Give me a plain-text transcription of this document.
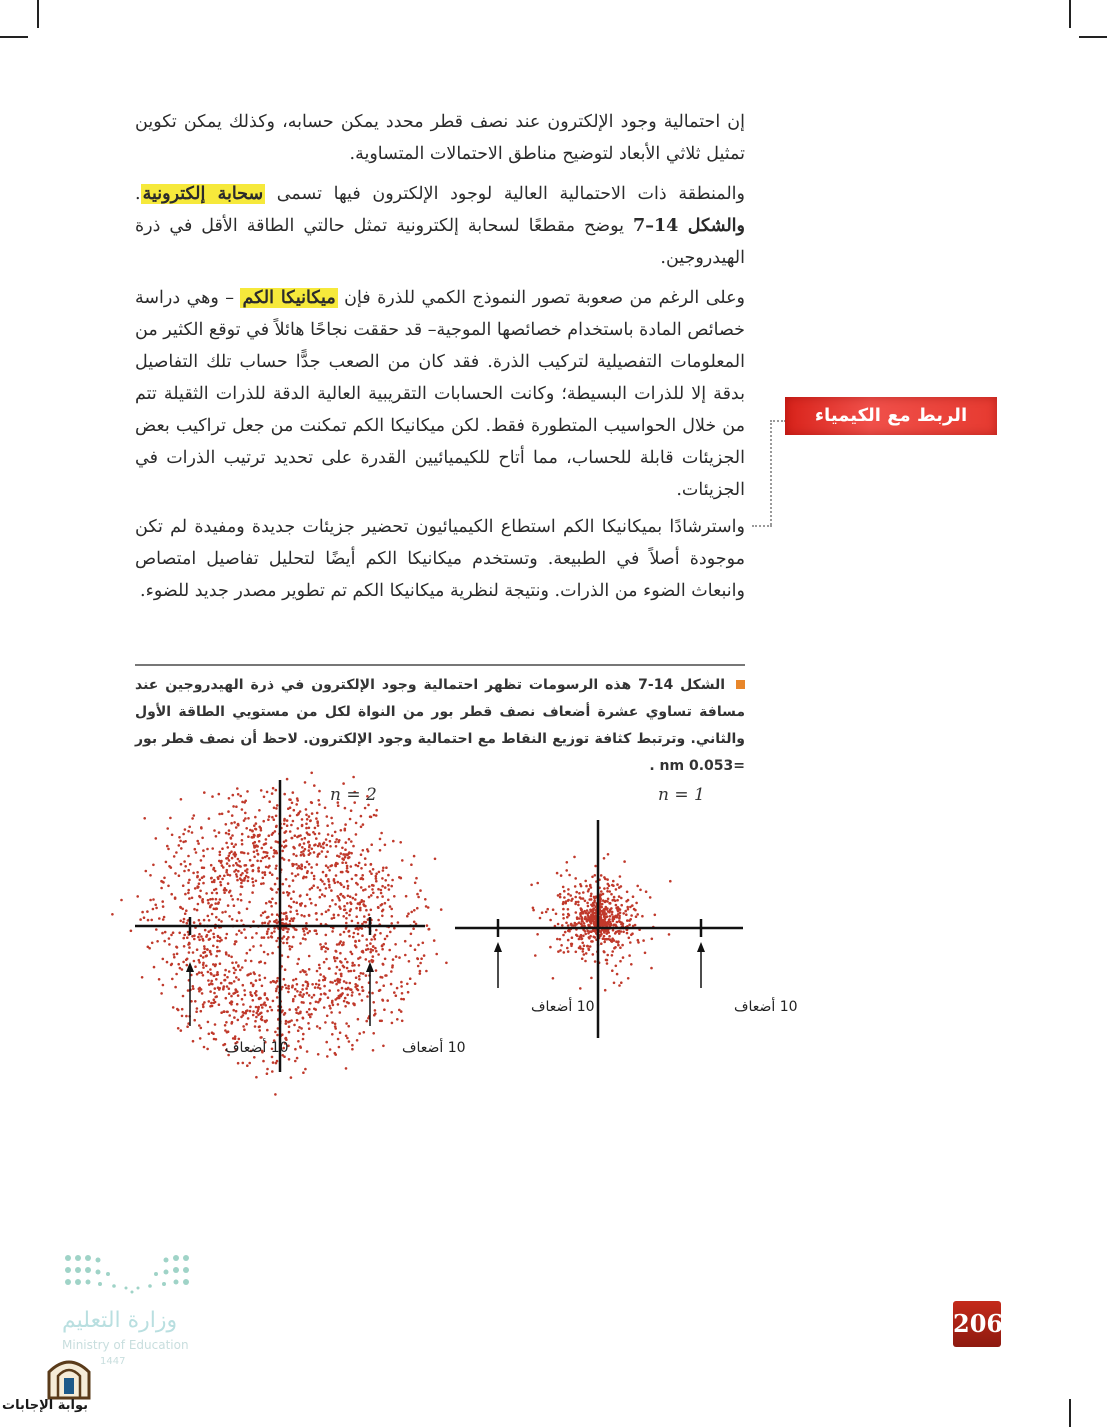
إن احتمالية وجود الإلكترون عند نصف قطر محدد يمكن حسابه، وكذلك يمكن تكوين تمثيل ثلاثي الأبعاد لتوضيح مناطق الاحتمالات المتساوية.

والمنطقة ذات الاحتمالية العالية لوجود الإلكترون فيها تسمى سحابة إلكترونية. والشكل 14–7 يوضح مقطعًا لسحابة إلكترونية تمثل حالتي الطاقة الأقل في ذرة الهيدروجين.

وعلى الرغم من صعوبة تصور النموذج الكمي للذرة فإن ميكانيكا الكم – وهي دراسة خصائص المادة باستخدام خصائصها الموجية– قد حققت نجاحًا هائلاً في توقع الكثير من المعلومات التفصيلية لتركيب الذرة. فقد كان من الصعب جدًّا حساب تلك التفاصيل بدقة إلا للذرات البسيطة؛ وكانت الحسابات التقريبية العالية الدقة للذرات الثقيلة تتم من خلال الحواسيب المتطورة فقط. لكن ميكانيكا الكم تمكنت من جعل تراكيب بعض الجزيئات قابلة للحساب، مما أتاح للكيميائيين القدرة على تحديد ترتيب الذرات في الجزيئات.

واسترشادًا بميكانيكا الكم استطاع الكيميائيون تحضير جزيئات جديدة ومفيدة لم تكن موجودة أصلاً في الطبيعة. وتستخدم ميكانيكا الكم أيضًا لتحليل تفاصيل امتصاص وانبعاث الضوء من الذرات. ونتيجة لنظرية ميكانيكا الكم تم تطوير مصدر جديد للضوء.

الربط مع الكيمياء

الشكل 14-7 هذه الرسومات تظهر احتمالية وجود الإلكترون في ذرة الهيدروجين عند مسافة تساوي عشرة أضعاف نصف قطر بور من النواة لكل من مستويي الطاقة الأول والثاني. وترتبط كثافة توزيع النقاط مع احتمالية وجود الإلكترون. لاحظ أن نصف قطر بور =0.053 nm .

n = 2	n = 1
10 أضعاف	10 أضعاف
10 أضعاف	10 أضعاف
206
وزارة التعليم
Ministry of Education
1447
بوابة الإجابات
